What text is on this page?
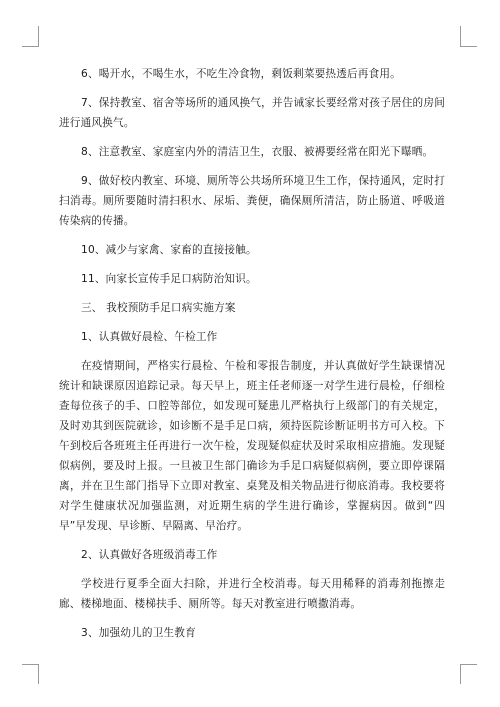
6、喝开水，不喝生水，不吃生冷食物，剩饭剩菜要热透后再食用。

7、保持教室、宿舍等场所的通风换气，并告诫家长要经常对孩子居住的房间进行通风换气。

8、注意教室、家庭室内外的清洁卫生，衣服、被褥要经常在阳光下曝晒。

9、做好校内教室、环境、厕所等公共场所环境卫生工作，保持通风，定时打扫消毒。厕所要随时清扫积水、尿垢、粪便，确保厕所清洁，防止肠道、呼吸道传染病的传播。

10、减少与家禽、家畜的直接接触。

11、向家长宣传手足口病防治知识。

三、 我校预防手足口病实施方案

1、认真做好晨检、午检工作

在疫情期间，严格实行晨检、午检和零报告制度，并认真做好学生缺课情况统计和缺课原因追踪记录。每天早上，班主任老师逐一对学生进行晨检，仔细检查每位孩子的手、口腔等部位，如发现可疑患儿严格执行上级部门的有关规定，及时劝其到医院就诊，如诊断不是手足口病，须持医院诊断证明书方可入校。下午到校后各班班主任再进行一次午检，发现疑似症状及时采取相应措施。发现疑似病例，要及时上报。一旦被卫生部门确诊为手足口病疑似病例，要立即停课隔离，并在卫生部门指导下立即对教室、桌凳及相关物品进行彻底消毒。我校要将对学生健康状况加强监测，对近期生病的学生进行确诊，掌握病因。做到“四早”早发现、早诊断、早隔离、早治疗。

2、认真做好各班级消毒工作

学校进行夏季全面大扫除，并进行全校消毒。每天用稀释的消毒剂拖擦走廊、楼梯地面、楼梯扶手、厕所等。每天对教室进行喷撒消毒。

3、加强幼儿的卫生教育
